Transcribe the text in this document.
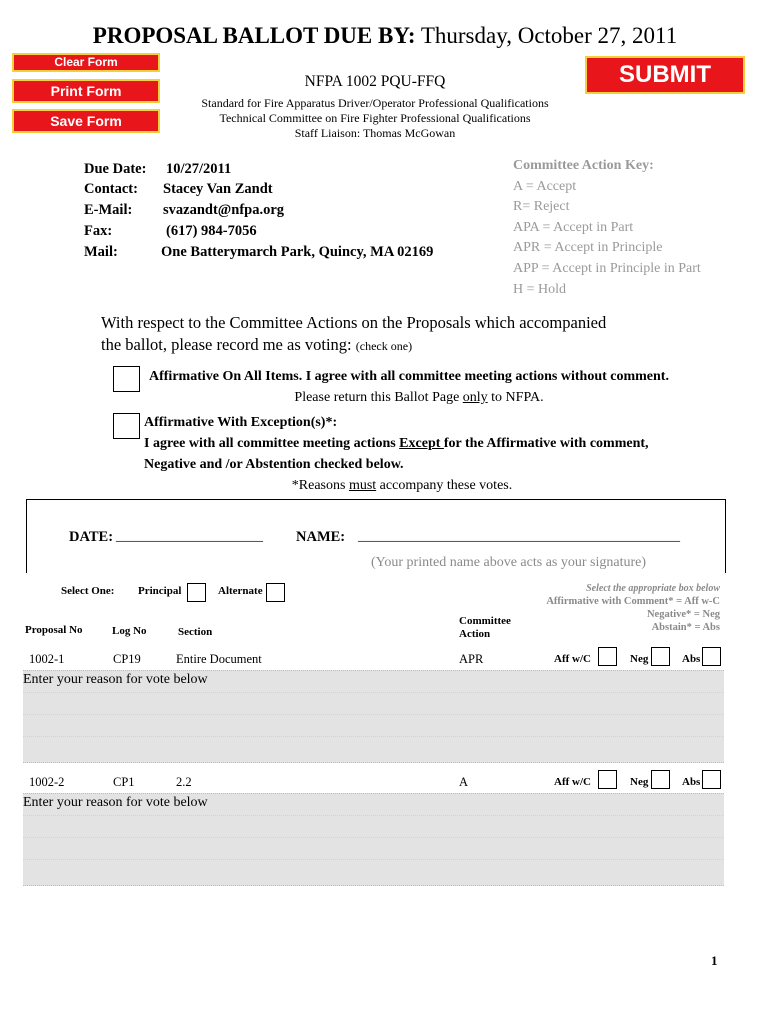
PROPOSAL BALLOT DUE BY: Thursday, October 27, 2011
Clear Form
Print Form
Save Form
SUBMIT
NFPA 1002 PQU-FFQ
Standard for Fire Apparatus Driver/Operator Professional Qualifications
Technical Committee on Fire Fighter Professional Qualifications
Staff Liaison: Thomas McGowan
Due Date: 10/27/2011
Contact: Stacey Van Zandt
E-Mail: svazandt@nfpa.org
Fax:	(617) 984-7056
Mail:	One Batterymarch Park, Quincy, MA 02169
Committee Action Key:
A = Accept
R= Reject
APA = Accept in Part
APR = Accept in Principle
APP = Accept in Principle in Part
H = Hold
With respect to the Committee Actions on the Proposals which accompanied
the ballot, please record me as voting: (check one)
Affirmative On All Items. I agree with all committee meeting actions without comment.
Please return this Ballot Page only to NFPA.
Affirmative With Exception(s)*:
I agree with all committee meeting actions Except for the Affirmative with comment,
Negative and /or Abstention checked below.
*Reasons must accompany these votes.
DATE: _____________________ NAME: ______________________________________________
(Your printed name above acts as your signature)
Select One: Principal	Alternate	Select the appropriate box below
Affirmative with Comment* = Aff w-C
Negative* = Neg
Abstain* = Abs
Proposal No	Log No	Section
Committee
Action
1002-1	CP19	Entire Document	APR	Aff w/C	Neg	Abs
Enter your reason for vote below
1002-2	CP1	2.2	A	Aff w/C	Neg	Abs
Enter your reason for vote below
1
